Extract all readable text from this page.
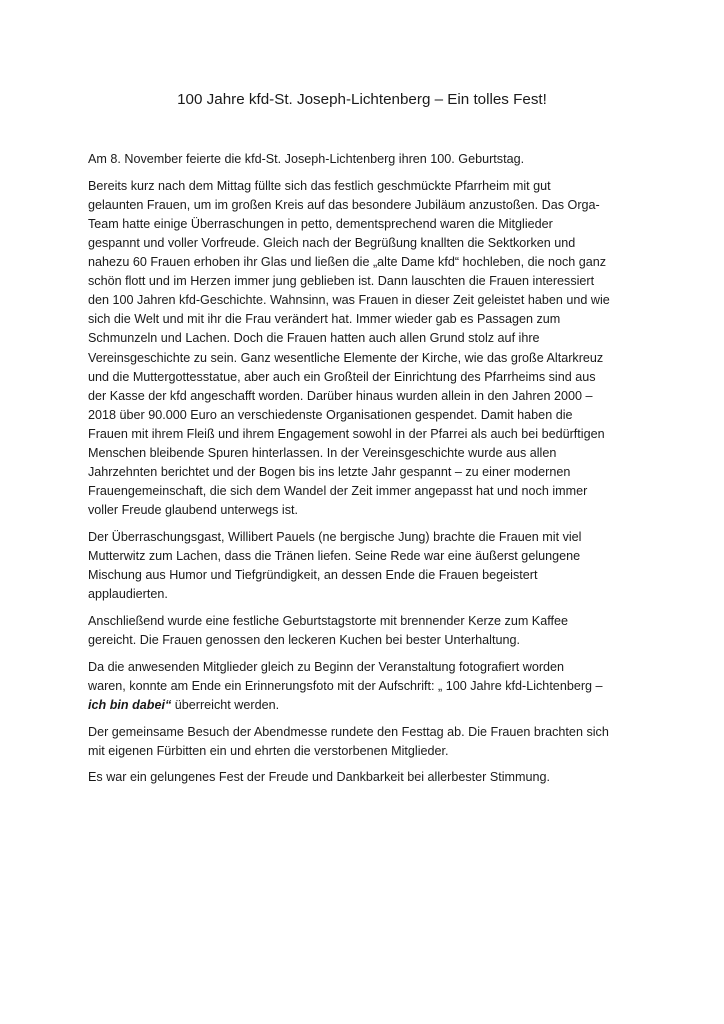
100 Jahre kfd-St. Joseph-Lichtenberg – Ein tolles Fest!
Am 8. November feierte die kfd-St. Joseph-Lichtenberg ihren 100. Geburtstag.
Bereits kurz nach dem Mittag füllte sich das festlich geschmückte Pfarrheim mit gut
gelaunten Frauen, um im großen Kreis auf das besondere Jubiläum anzustoßen. Das Orga-
Team hatte einige Überraschungen in petto, dementsprechend waren die Mitglieder
gespannt und voller Vorfreude. Gleich nach der Begrüßung knallten die Sektkorken und
nahezu 60 Frauen erhoben ihr Glas und ließen die „alte Dame kfd“ hochleben, die noch ganz
schön flott und im Herzen immer jung geblieben ist. Dann lauschten die Frauen interessiert
den 100 Jahren kfd-Geschichte. Wahnsinn, was Frauen in dieser Zeit geleistet haben und wie
sich die Welt und mit ihr die Frau verändert hat. Immer wieder gab es Passagen zum
Schmunzeln und Lachen. Doch die Frauen hatten auch allen Grund stolz auf ihre
Vereinsgeschichte zu sein. Ganz wesentliche Elemente der Kirche, wie das große Altarkreuz
und die Muttergottesstatue, aber auch ein Großteil der Einrichtung des Pfarrheims sind aus
der Kasse der kfd angeschafft worden. Darüber hinaus wurden allein in den Jahren 2000 –
2018 über 90.000 Euro an verschiedenste Organisationen gespendet. Damit haben die
Frauen mit ihrem Fleiß und ihrem Engagement sowohl in der Pfarrei als auch bei bedürftigen
Menschen bleibende Spuren hinterlassen. In der Vereinsgeschichte wurde aus allen
Jahrzehnten berichtet und der Bogen bis ins letzte Jahr gespannt – zu einer modernen
Frauengemeinschaft, die sich dem Wandel der Zeit immer angepasst hat und noch immer
voller Freude glaubend unterwegs ist.
Der Überraschungsgast, Willibert Pauels (ne bergische Jung) brachte die Frauen mit viel
Mutterwitz zum Lachen, dass die Tränen liefen. Seine Rede war eine äußerst gelungene
Mischung aus Humor und Tiefgründigkeit, an dessen Ende die Frauen begeistert
applaudierten.
Anschließend wurde eine festliche Geburtstagstorte mit brennender Kerze zum Kaffee
gereicht. Die Frauen genossen den leckeren Kuchen bei bester Unterhaltung.
Da die anwesenden Mitglieder gleich zu Beginn der Veranstaltung fotografiert worden
waren, konnte am Ende ein Erinnerungsfoto mit der Aufschrift: „ 100 Jahre kfd-Lichtenberg –
ich bin dabei“ überreicht werden.
Der gemeinsame Besuch der Abendmesse rundete den Festtag ab. Die Frauen brachten sich
mit eigenen Fürbitten ein und ehrten die verstorbenen Mitglieder.
Es war ein gelungenes Fest der Freude und Dankbarkeit bei allerbester Stimmung.
